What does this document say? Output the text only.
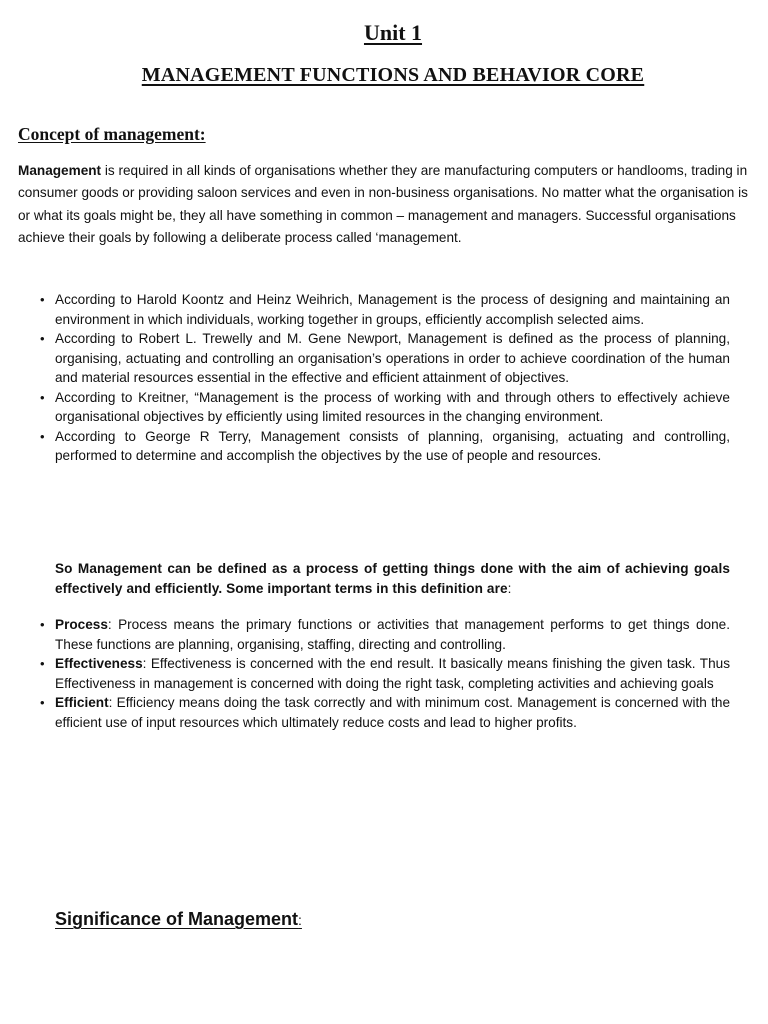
Unit 1
MANAGEMENT FUNCTIONS AND BEHAVIOR CORE
Concept of management:

Management is required in all kinds of organisations whether they are manufacturing computers or handlooms, trading in consumer goods or providing saloon services and even in non-business organisations. No matter what the organisation is or what its goals might be, they all have something in common – management and managers. Successful organisations achieve their goals by following a deliberate process called ‘management.

• According to Harold Koontz and Heinz Weihrich, Management is the process of designing and maintaining an environment in which individuals, working together in groups, efficiently accomplish selected aims.
• According to Robert L. Trewelly and M. Gene Newport, Management is defined as the process of planning, organising, actuating and controlling an organisation’s operations in order to achieve coordination of the human and material resources essential in the effective and efficient attainment of objectives.
• According to Kreitner, “Management is the process of working with and through others to effectively achieve organisational objectives by efficiently using limited resources in the changing environment.
• According to George R Terry, Management consists of planning, organising, actuating and controlling, performed to determine and accomplish the objectives by the use of people and resources.

So Management can be defined as a process of getting things done with the aim of achieving goals effectively and efficiently. Some important terms in this definition are:

• Process: Process means the primary functions or activities that management performs to get things done. These functions are planning, organising, staffing, directing and controlling.
• Effectiveness: Effectiveness is concerned with the end result. It basically means finishing the given task. Thus Effectiveness in management is concerned with doing the right task, completing activities and achieving goals
• Efficient: Efficiency means doing the task correctly and with minimum cost. Management is concerned with the efficient use of input resources which ultimately reduce costs and lead to higher profits.
Significance of Management:
